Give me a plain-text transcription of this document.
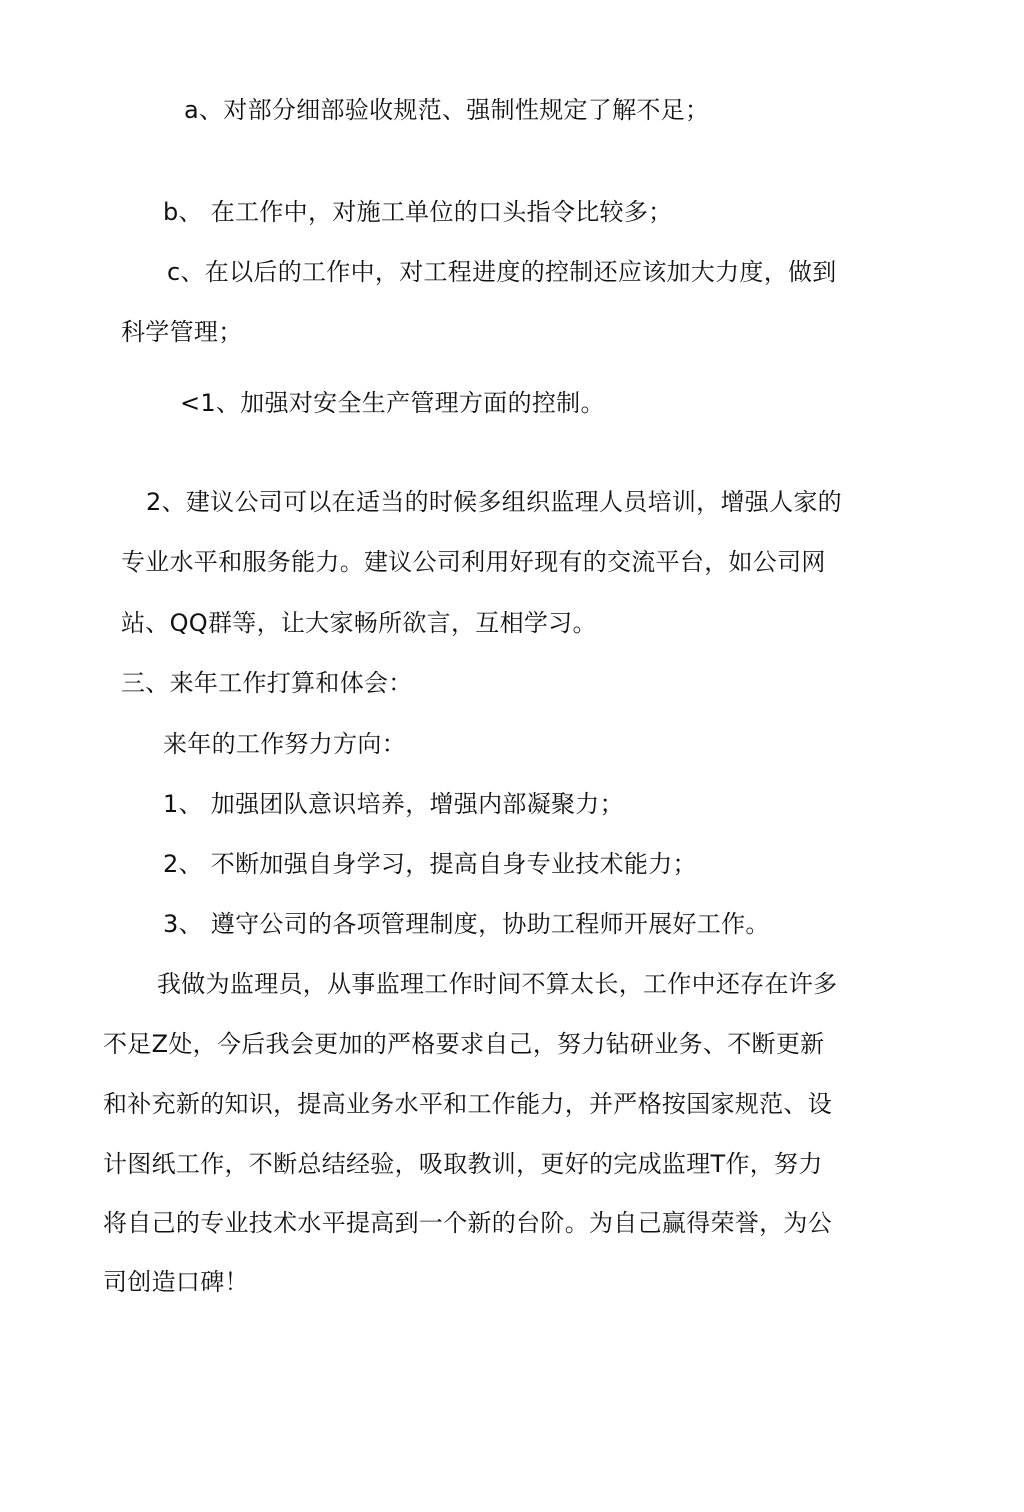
a、对部分细部验收规范、强制性规定了解不足；
b、 在工作中，对施工单位的口头指令比较多；
c、在以后的工作中，对工程进度的控制还应该加大力度，做到
科学管理；
<1、加强对安全生产管理方面的控制。
2、建议公司可以在适当的时候多组织监理人员培训，增强人家的
专业水平和服务能力。建议公司利用好现有的交流平台，如公司网
站、QQ群等，让大家畅所欲言，互相学习。
三、来年工作打算和体会：
来年的工作努力方向：
1、 加强团队意识培养，增强内部凝聚力；
2、 不断加强自身学习，提高自身专业技术能力；
3、 遵守公司的各项管理制度，协助工程师开展好工作。
我做为监理员，从事监理工作时间不算太长，工作中还存在许多
不足Z处，今后我会更加的严格要求自己，努力钻研业务、不断更新
和补充新的知识，提高业务水平和工作能力，并严格按国家规范、设
计图纸工作，不断总结经验，吸取教训，更好的完成监理T作，努力
将自己的专业技术水平提高到一个新的台阶。为自己赢得荣誉，为公
司创造口碑！
